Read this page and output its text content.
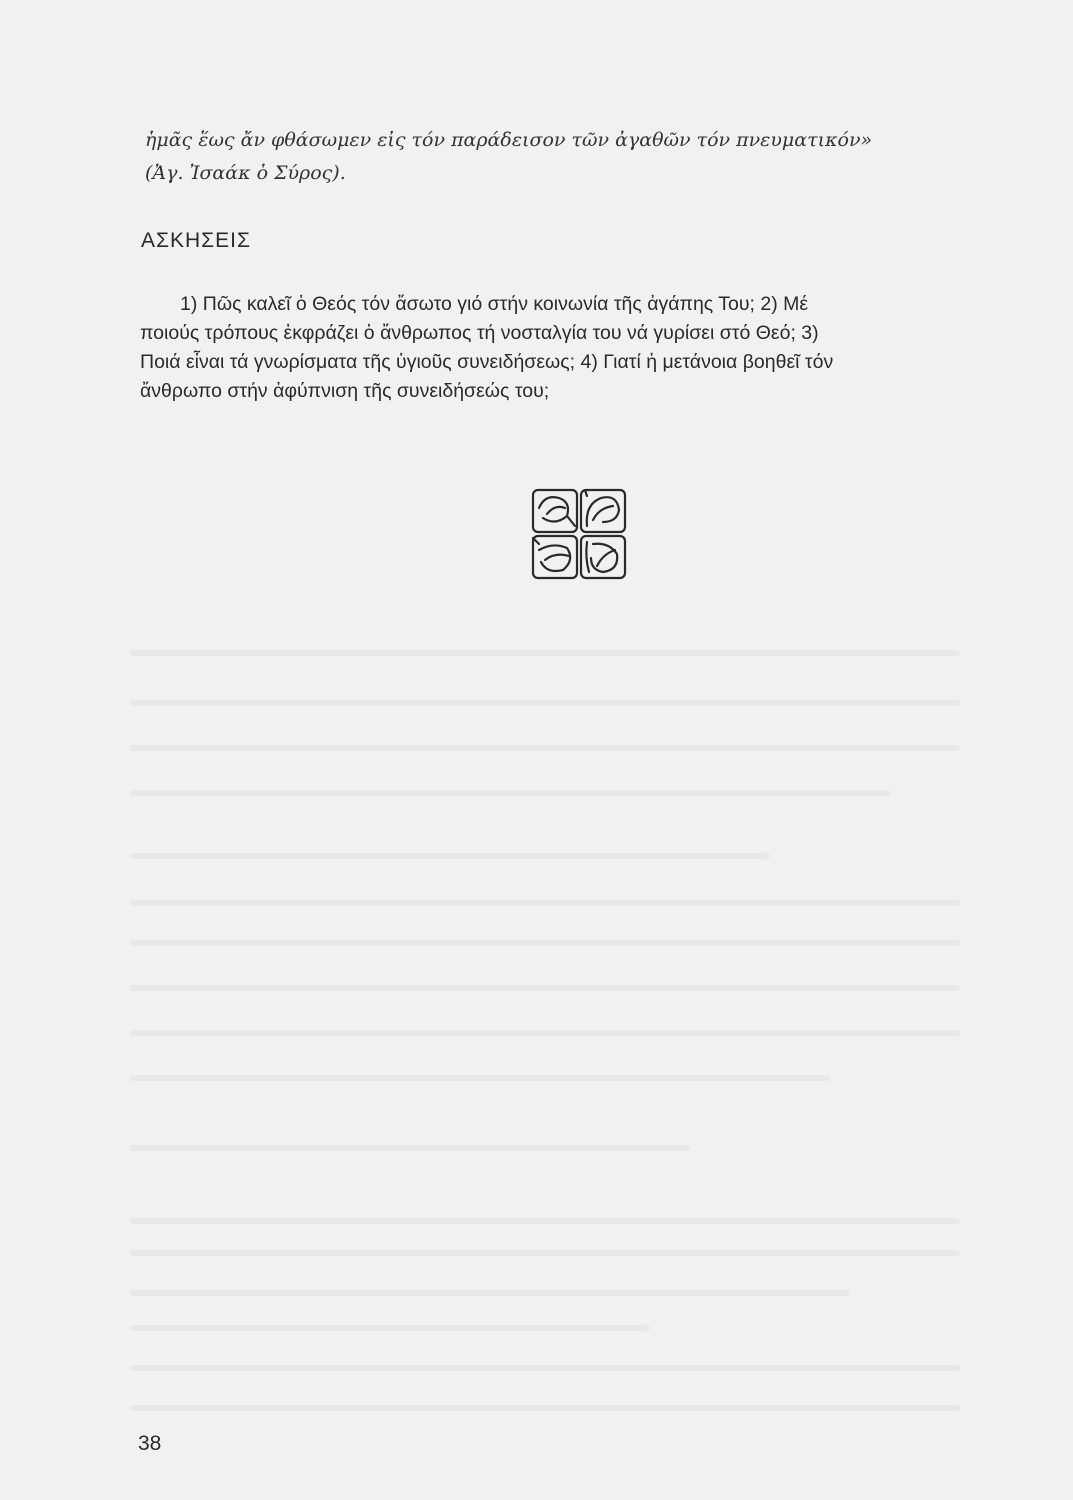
ἡμᾶς ἕως ἄν φθάσωμεν εἰς τόν παράδεισον τῶν ἀγαθῶν τόν πνευματικόν»
(Ἀγ. Ἰσαάκ ὁ Σύρος).
ΑΣΚΗΣΕΙΣ
1) Πῶς καλεῖ ὁ Θεός τόν ἄσωτο γιό στήν κοινωνία τῆς ἀγάπης Του; 2) Μέ
ποιούς τρόπους ἐκφράζει ὁ ἄνθρωπος τή νοσταλγία του νά γυρίσει στό Θεό; 3)
Ποιά εἶναι τά γνωρίσματα τῆς ὑγιοῦς συνειδήσεως; 4) Γιατί ἡ μετάνοια βοηθεῖ τόν
ἄνθρωπο στήν ἀφύπνιση τῆς συνειδήσεώς του;
38
